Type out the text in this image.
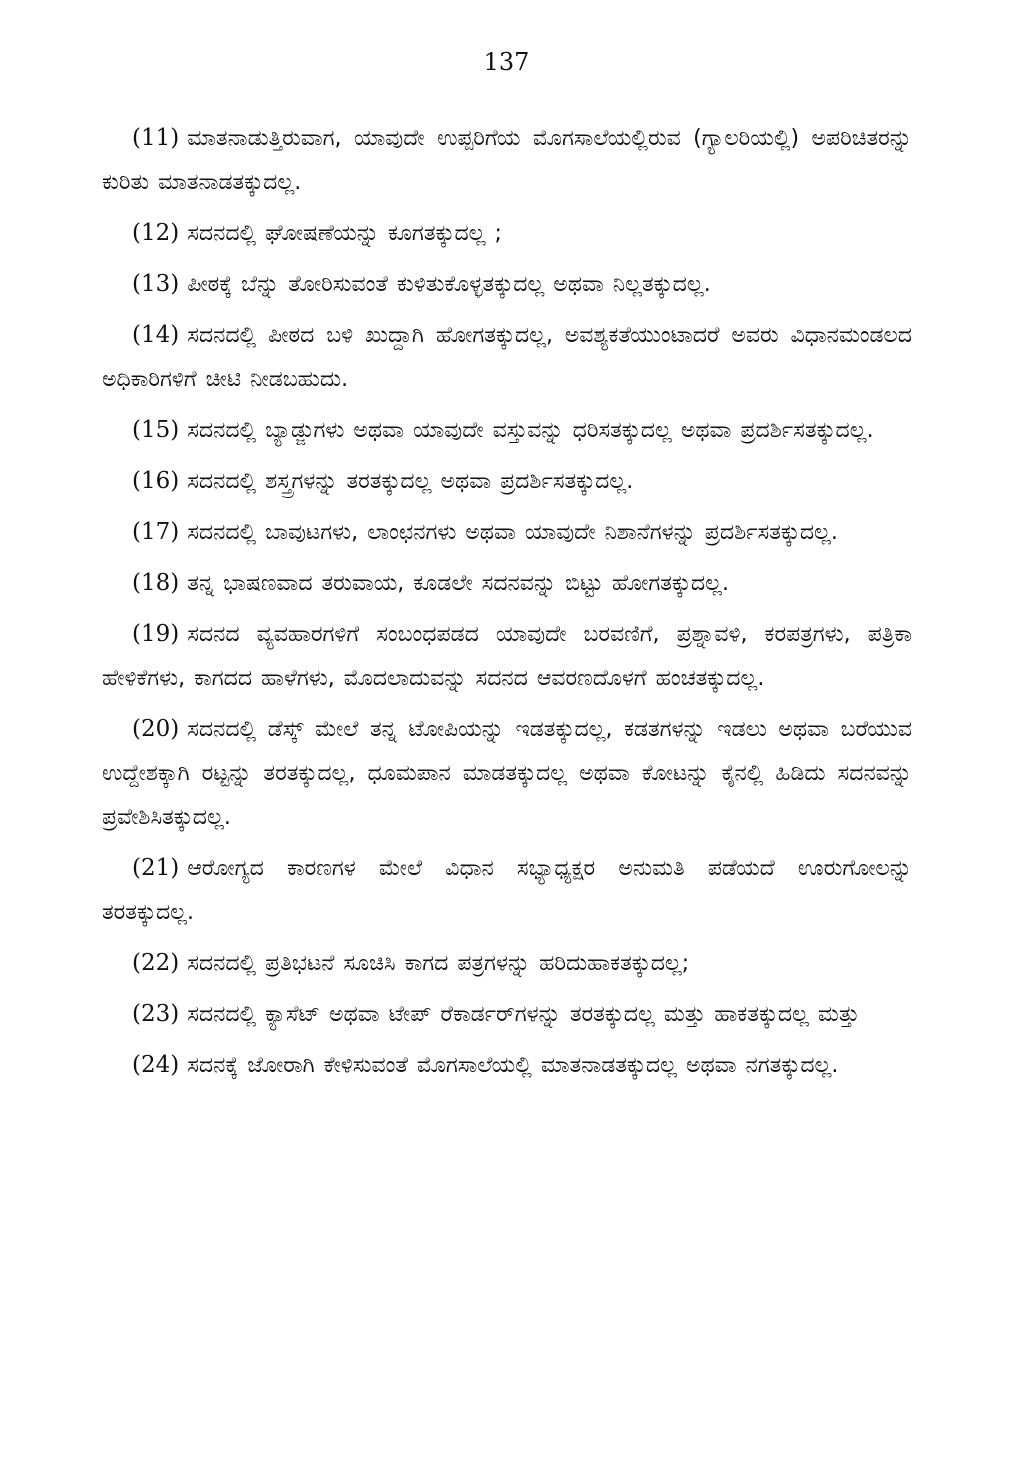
137

(11) ಮಾತನಾಡುತ್ತಿರುವಾಗ, ಯಾವುದೇ ಉಪ್ಪರಿಗೆಯ ಮೊಗಸಾಲೆಯಲ್ಲಿರುವ (ಗ್ಯಾಲರಿಯಲ್ಲಿ) ಅಪರಿಚಿತರನ್ನು ಕುರಿತು ಮಾತನಾಡತಕ್ಕುದಲ್ಲ.

(12) ಸದನದಲ್ಲಿ ಘೋಷಣೆಯನ್ನು ಕೂಗತಕ್ಕುದಲ್ಲ ;

(13) ಪೀಠಕ್ಕೆ ಬೆನ್ನು ತೋರಿಸುವಂತೆ ಕುಳಿತುಕೊಳ್ಳತಕ್ಕುದಲ್ಲ ಅಥವಾ ನಿಲ್ಲತಕ್ಕುದಲ್ಲ.

(14) ಸದನದಲ್ಲಿ ಪೀಠದ ಬಳಿ ಖುದ್ದಾಗಿ ಹೋಗತಕ್ಕುದಲ್ಲ, ಅವಶ್ಯಕತೆಯುಂಟಾದರೆ ಅವರು ವಿಧಾನಮಂಡಲದ ಅಧಿಕಾರಿಗಳಿಗೆ ಚೀಟಿ ನೀಡಬಹುದು.

(15) ಸದನದಲ್ಲಿ ಬ್ಯಾಡ್ಜುಗಳು ಅಥವಾ ಯಾವುದೇ ವಸ್ತುವನ್ನು ಧರಿಸತಕ್ಕುದಲ್ಲ ಅಥವಾ ಪ್ರದರ್ಶಿಸತಕ್ಕುದಲ್ಲ.

(16) ಸದನದಲ್ಲಿ ಶಸ್ತ್ರಗಳನ್ನು ತರತಕ್ಕುದಲ್ಲ ಅಥವಾ ಪ್ರದರ್ಶಿಸತಕ್ಕುದಲ್ಲ.

(17) ಸದನದಲ್ಲಿ ಬಾವುಟಗಳು, ಲಾಂಛನಗಳು ಅಥವಾ ಯಾವುದೇ ನಿಶಾನೆಗಳನ್ನು ಪ್ರದರ್ಶಿಸತಕ್ಕುದಲ್ಲ.

(18) ತನ್ನ ಭಾಷಣವಾದ ತರುವಾಯ, ಕೂಡಲೇ ಸದನವನ್ನು ಬಿಟ್ಟು ಹೋಗತಕ್ಕುದಲ್ಲ.

(19) ಸದನದ ವ್ಯವಹಾರಗಳಿಗೆ ಸಂಬಂಧಪಡದ ಯಾವುದೇ ಬರವಣಿಗೆ, ಪ್ರಶ್ನಾವಳಿ, ಕರಪತ್ರಗಳು, ಪತ್ರಿಕಾ ಹೇಳಿಕೆಗಳು, ಕಾಗದದ ಹಾಳೆಗಳು, ಮೊದಲಾದುವನ್ನು ಸದನದ ಆವರಣದೊಳಗೆ ಹಂಚತಕ್ಕುದಲ್ಲ.

(20) ಸದನದಲ್ಲಿ ಡೆಸ್ಕ್ ಮೇಲೆ ತನ್ನ ಟೋಪಿಯನ್ನು ಇಡತಕ್ಕುದಲ್ಲ, ಕಡತಗಳನ್ನು ಇಡಲು ಅಥವಾ ಬರೆಯುವ ಉದ್ದೇಶಕ್ಕಾಗಿ ರಟ್ಟನ್ನು ತರತಕ್ಕುದಲ್ಲ, ಧೂಮಪಾನ ಮಾಡತಕ್ಕುದಲ್ಲ ಅಥವಾ ಕೋಟನ್ನು ಕೈನಲ್ಲಿ ಹಿಡಿದು ಸದನವನ್ನು ಪ್ರವೇಶಿಸಿತಕ್ಕುದಲ್ಲ.

(21) ಆರೋಗ್ಯದ ಕಾರಣಗಳ ಮೇಲೆ ವಿಧಾನ ಸಭ್ಯಾಧ್ಯಕ್ಷರ ಅನುಮತಿ ಪಡೆಯದೆ ಊರುಗೋಲನ್ನು ತರತಕ್ಕುದಲ್ಲ.

(22) ಸದನದಲ್ಲಿ ಪ್ರತಿಭಟನೆ ಸೂಚಿಸಿ ಕಾಗದ ಪತ್ರಗಳನ್ನು ಹರಿದುಹಾಕತಕ್ಕುದಲ್ಲ;

(23) ಸದನದಲ್ಲಿ ಕ್ಯಾಸೆಟ್ ಅಥವಾ ಟೇಪ್ ರೆಕಾರ್ಡರ್‌ಗಳನ್ನು ತರತಕ್ಕುದಲ್ಲ ಮತ್ತು ಹಾಕತಕ್ಕುದಲ್ಲ ಮತ್ತು

(24) ಸದನಕ್ಕೆ ಜೋರಾಗಿ ಕೇಳಿಸುವಂತೆ ಮೊಗಸಾಲೆಯಲ್ಲಿ ಮಾತನಾಡತಕ್ಕುದಲ್ಲ ಅಥವಾ ನಗತಕ್ಕುದಲ್ಲ.
